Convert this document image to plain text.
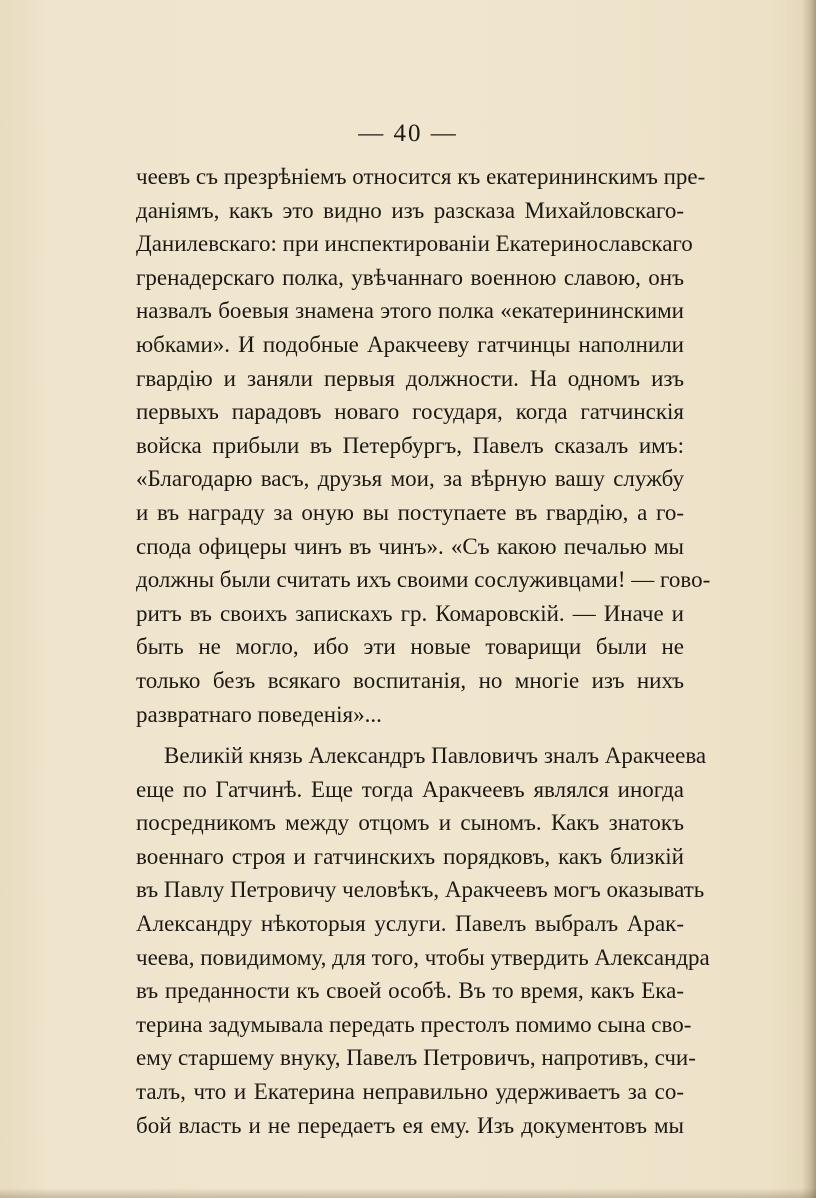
— 40 —
чеевъ съ презрѣніемъ относится къ екатерининскимъ пре-
даніямъ, какъ это видно изъ разсказа Михайловскаго-
Данилевскаго: при инспектированіи Екатеринославскаго
гренадерскаго полка, увѣчаннаго военною славою, онъ
назвалъ боевыя знамена этого полка «екатерининскими
юбками». И подобные Аракчееву гатчинцы наполнили
гвардію и заняли первыя должности. На одномъ изъ
первыхъ парадовъ новаго государя, когда гатчинскія
войска прибыли въ Петербургъ, Павелъ сказалъ имъ:
«Благодарю васъ, друзья мои, за вѣрную вашу службу
и въ награду за оную вы поступаете въ гвардію, а го-
спода офицеры чинъ въ чинъ». «Съ какою печалью мы
должны были считать ихъ своими сослуживцами! — гово-
ритъ въ своихъ запискахъ гр. Комаровскій. — Иначе и
быть не могло, ибо эти новые товарищи были не
только безъ всякаго воспитанія, но многіе изъ нихъ
развратнаго поведенія»...
Великій князь Александръ Павловичъ зналъ Аракчеева
еще по Гатчинѣ. Еще тогда Аракчеевъ являлся иногда
посредникомъ между отцомъ и сыномъ. Какъ знатокъ
военнаго строя и гатчинскихъ порядковъ, какъ близкій
въ Павлу Петровичу человѣкъ, Аракчеевъ могъ оказывать
Александру нѣкоторыя услуги. Павелъ выбралъ Арак-
чеева, повидимому, для того, чтобы утвердить Александра
въ преданности къ своей особѣ. Въ то время, какъ Ека-
терина задумывала передать престолъ помимо сына сво-
ему старшему внуку, Павелъ Петровичъ, напротивъ, счи-
талъ, что и Екатерина неправильно удерживаетъ за со-
бой власть и не передаетъ ея ему. Изъ документовъ мы
